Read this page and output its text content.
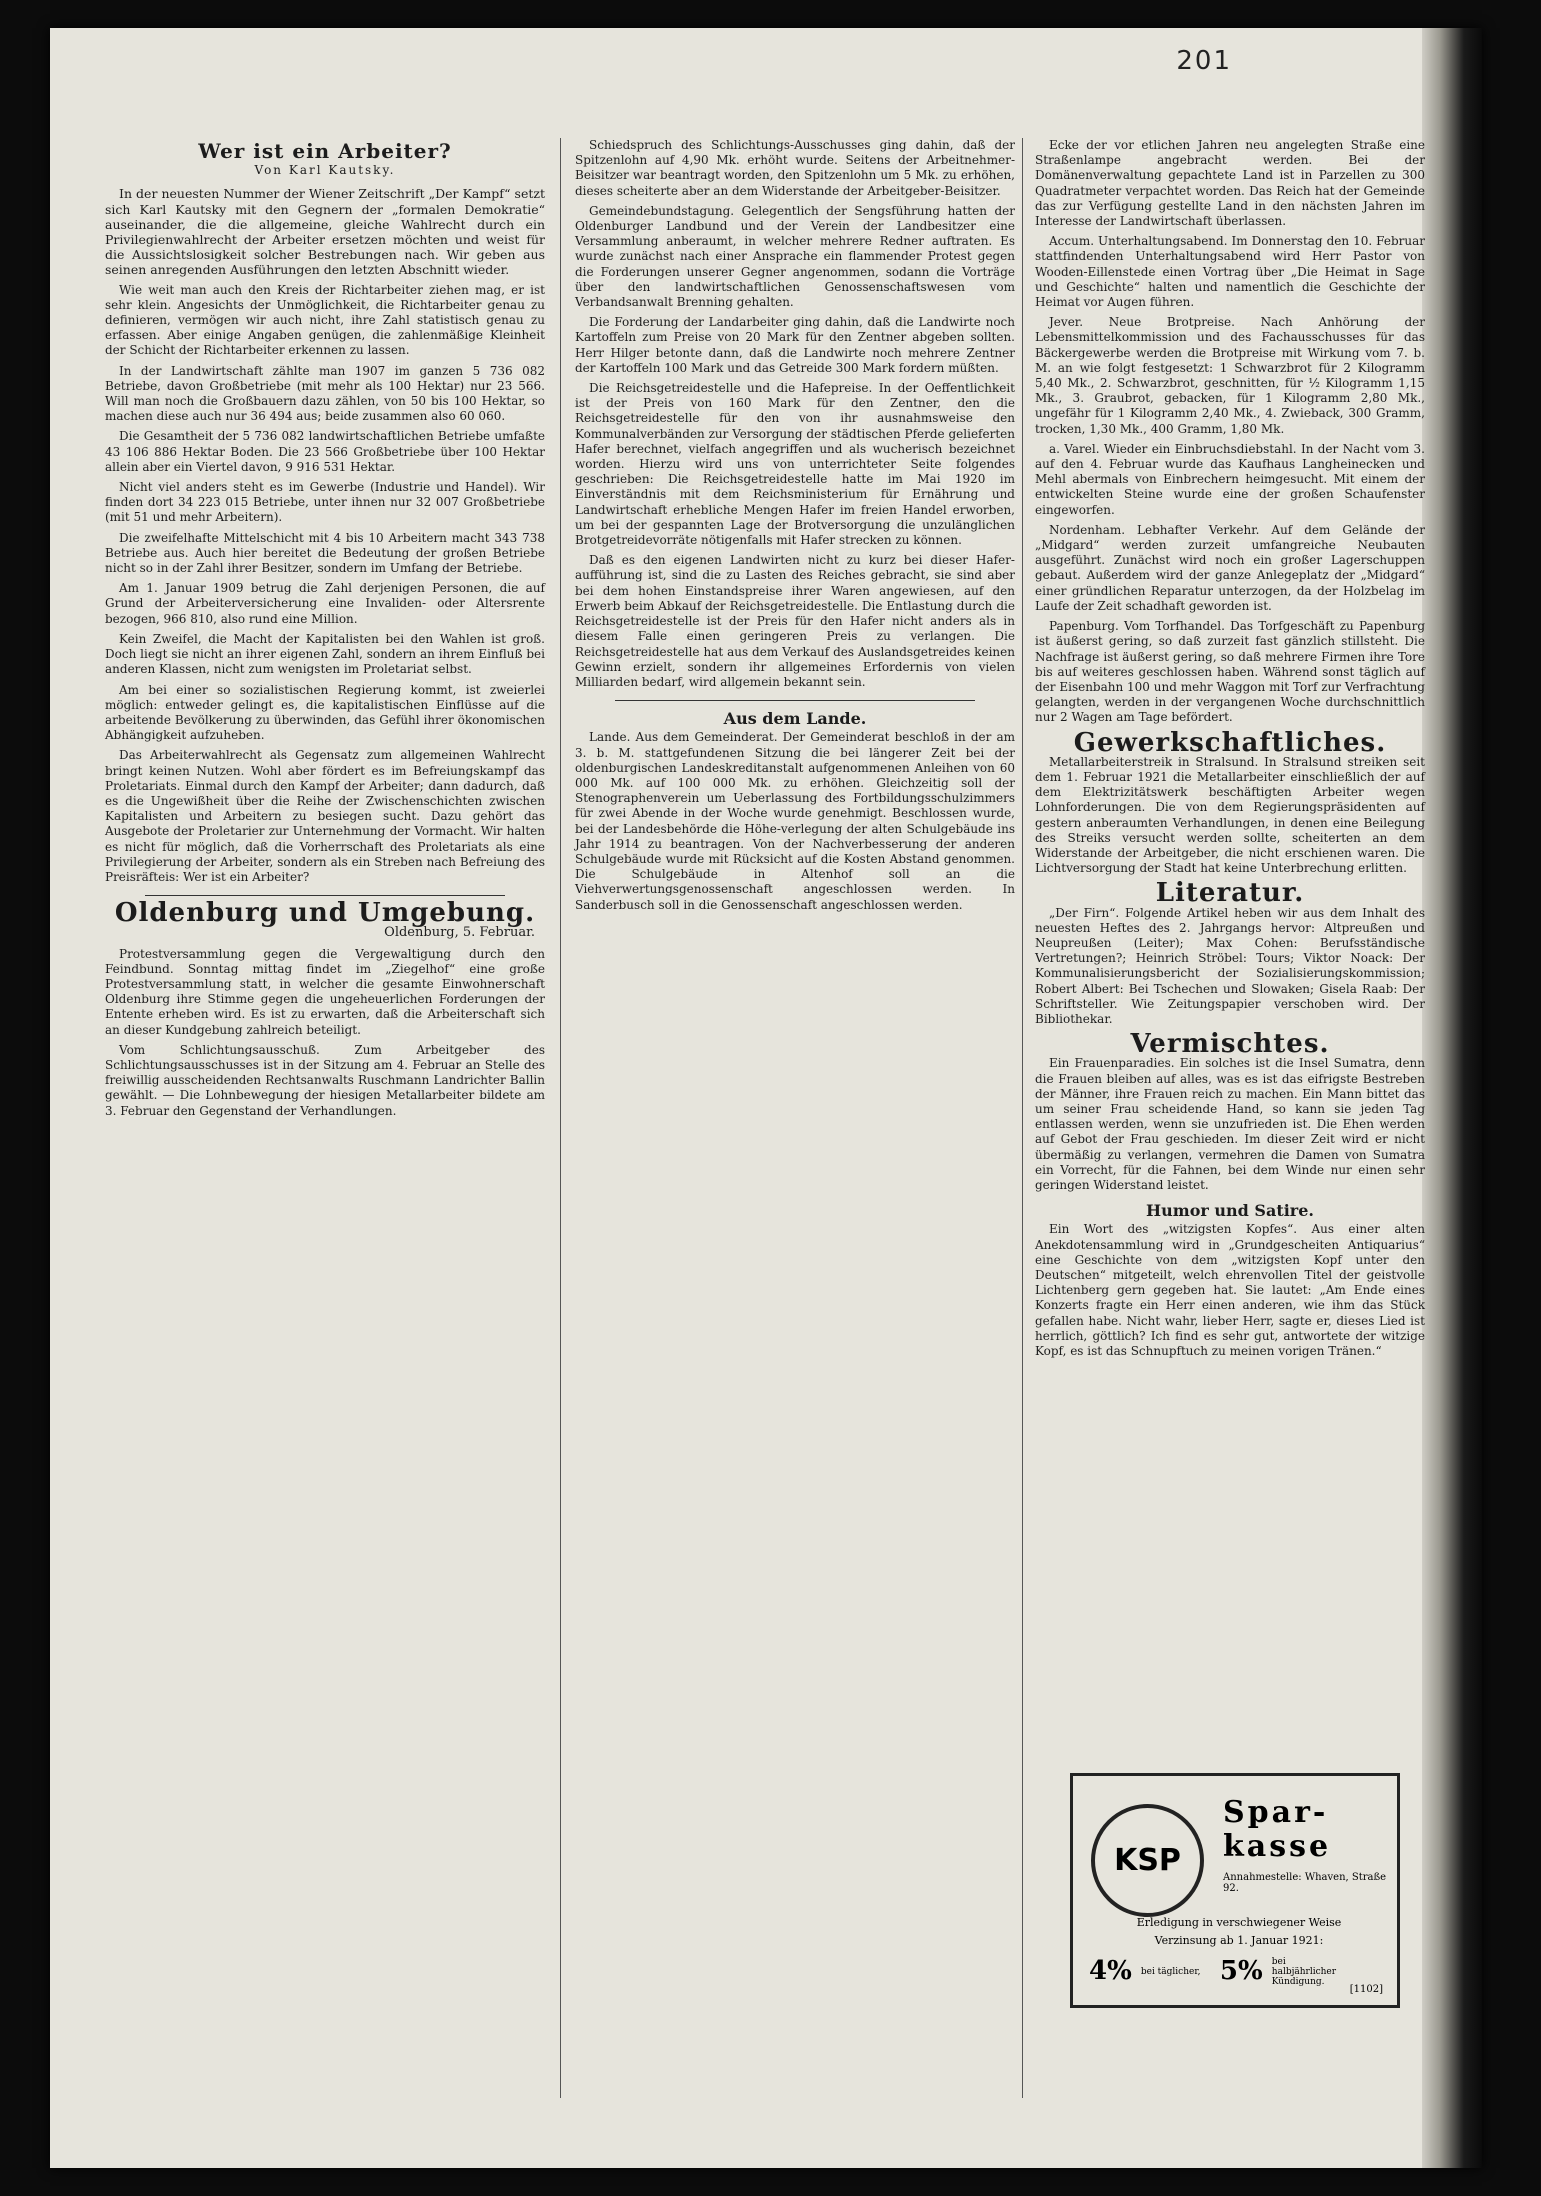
201
Wer ist ein Arbeiter?
Von Karl Kautsky.

In der neuesten Nummer der Wiener Zeitschrift „Der Kampf“ setzt sich Karl Kautsky mit den Gegnern der „formalen Demokratie“ auseinander, die die allgemeine, gleiche Wahlrecht durch ein Privilegienwahlrecht der Arbeiter ersetzen möchten und weist für die Aussichtslosigkeit solcher Bestrebungen nach. Wir geben aus seinen anregenden Ausführungen den letzten Abschnitt wieder.

Wie weit man auch den Kreis der Richtarbeiter ziehen mag, er ist sehr klein. Angesichts der Unmöglichkeit, die Richtarbeiter genau zu definieren, vermögen wir auch nicht, ihre Zahl statistisch genau zu erfassen. Aber einige Angaben genügen, die zahlenmäßige Kleinheit der Schicht der Richtarbeiter erkennen zu lassen.

In der Landwirtschaft zählte man 1907 im ganzen 5 736 082 Betriebe, davon Großbetriebe (mit mehr als 100 Hektar) nur 23 566. Will man noch die Großbauern dazu zählen, von 50 bis 100 Hektar, so machen diese auch nur 36 494 aus; beide zusammen also 60 060.

Die Gesamtheit der 5 736 082 landwirtschaftlichen Betriebe umfaßte 43 106 886 Hektar Boden. Die 23 566 Großbetriebe über 100 Hektar allein aber ein Viertel davon, 9 916 531 Hektar.

Nicht viel anders steht es im Gewerbe (Industrie und Handel). Wir finden dort 34 223 015 Betriebe, unter ihnen nur 32 007 Großbetriebe (mit 51 und mehr Arbeitern).

Die zweifelhafte Mittelschicht mit 4 bis 10 Arbeitern macht 343 738 Betriebe aus. Auch hier bereitet die Bedeutung der großen Betriebe nicht so in der Zahl ihrer Besitzer, sondern im Umfang der Betriebe.

Am 1. Januar 1909 betrug die Zahl derjenigen Personen, die auf Grund der Arbeiterversicherung eine Invaliden- oder Altersrente bezogen, 966 810, also rund eine Million.

Kein Zweifel, die Macht der Kapitalisten bei den Wahlen ist groß. Doch liegt sie nicht an ihrer eigenen Zahl, sondern an ihrem Einfluß bei anderen Klassen, nicht zum wenigsten im Proletariat selbst.

Am bei einer so sozialistischen Regierung kommt, ist zweierlei möglich: entweder gelingt es, die kapitalistischen Einflüsse auf die arbeitende Bevölkerung zu überwinden, das Gefühl ihrer ökonomischen Abhängigkeit aufzuheben.

Das Arbeiterwahlrecht als Gegensatz zum allgemeinen Wahlrecht bringt keinen Nutzen. Wohl aber fördert es im Befreiungskampf das Proletariats. Einmal durch den Kampf der Arbeiter; dann dadurch, daß es die Ungewißheit über die Reihe der Zwischenschichten zwischen Kapitalisten und Arbeitern zu besiegen sucht. Dazu gehört das Ausgebote der Proletarier zur Unternehmung der Vormacht. Wir halten es nicht für möglich, daß die Vorherrschaft des Proletariats als eine Privilegierung der Arbeiter, sondern als ein Streben nach Befreiung des Preisräfteis: Wer ist ein Arbeiter?

Oldenburg und Umgebung.
Oldenburg, 5. Februar.

Protestversammlung gegen die Vergewaltigung durch den Feindbund. Sonntag mittag findet im „Ziegelhof“ eine große Protestversammlung statt, in welcher die gesamte Einwohnerschaft Oldenburg ihre Stimme gegen die ungeheuerlichen Forderungen der Entente erheben wird. Es ist zu erwarten, daß die Arbeiterschaft sich an dieser Kundgebung zahlreich beteiligt.

Vom Schlichtungsausschuß. Zum Arbeitgeber des Schlichtungsausschusses ist in der Sitzung am 4. Februar an Stelle des freiwillig ausscheidenden Rechtsanwalts Ruschmann Landrichter Ballin gewählt. — Die Lohnbewegung der hiesigen Metallarbeiter bildete am 3. Februar den Gegenstand der Verhandlungen.

Schiedspruch des Schlichtungs-Ausschusses ging dahin, daß der Spitzenlohn auf 4,90 Mk. erhöht wurde. Seitens der Arbeitnehmer-Beisitzer war beantragt worden, den Spitzenlohn um 5 Mk. zu erhöhen, dieses scheiterte aber an dem Widerstande der Arbeitgeber-Beisitzer.

Gemeindebundstagung. Gelegentlich der Sengsführung hatten der Oldenburger Landbund und der Verein der Landbesitzer eine Versammlung anberaumt, in welcher mehrere Redner auftraten. Es wurde zunächst nach einer Ansprache ein flammender Protest gegen die Forderungen unserer Gegner angenommen, sodann die Vorträge über den landwirtschaftlichen Genossenschaftswesen vom Verbandsanwalt Brenning gehalten.

Die Forderung der Landarbeiter ging dahin, daß die Landwirte noch Kartoffeln zum Preise von 20 Mark für den Zentner abgeben sollten. Herr Hilger betonte dann, daß die Landwirte noch mehrere Zentner der Kartoffeln 100 Mark und das Getreide 300 Mark fordern müßten.

Die Reichsgetreidestelle und die Hafepreise. In der Oeffentlichkeit ist der Preis von 160 Mark für den Zentner, den die Reichsgetreidestelle für den von ihr ausnahmsweise den Kommunalverbänden zur Versorgung der städtischen Pferde gelieferten Hafer berechnet, vielfach angegriffen und als wucherisch bezeichnet worden. Hierzu wird uns von unterrichteter Seite folgendes geschrieben: Die Reichsgetreidestelle hatte im Mai 1920 im Einverständnis mit dem Reichsministerium für Ernährung und Landwirtschaft erhebliche Mengen Hafer im freien Handel erworben, um bei der gespannten Lage der Brotversorgung die unzulänglichen Brotgetreidevorräte nötigenfalls mit Hafer strecken zu können.

Daß es den eigenen Landwirten nicht zu kurz bei dieser Hafer-aufführung ist, sind die zu Lasten des Reiches gebracht, sie sind aber bei dem hohen Einstandspreise ihrer Waren angewiesen, auf den Erwerb beim Abkauf der Reichsgetreidestelle. Die Entlastung durch die Reichsgetreidestelle ist der Preis für den Hafer nicht anders als in diesem Falle einen geringeren Preis zu verlangen. Die Reichsgetreidestelle hat aus dem Verkauf des Auslandsgetreides keinen Gewinn erzielt, sondern ihr allgemeines Erfordernis von vielen Milliarden bedarf, wird allgemein bekannt sein.

Aus dem Lande.

Lande. Aus dem Gemeinderat. Der Gemeinderat beschloß in der am 3. b. M. stattgefundenen Sitzung die bei längerer Zeit bei der oldenburgischen Landeskreditanstalt aufgenommenen Anleihen von 60 000 Mk. auf 100 000 Mk. zu erhöhen. Gleichzeitig soll der Stenographenverein um Ueberlassung des Fortbildungsschulzimmers für zwei Abende in der Woche wurde genehmigt. Beschlossen wurde, bei der Landesbehörde die Höhe-verlegung der alten Schulgebäude ins Jahr 1914 zu beantragen. Von der Nachverbesserung der anderen Schulgebäude wurde mit Rücksicht auf die Kosten Abstand genommen. Die Schulgebäude in Altenhof soll an die Viehverwertungsgenossenschaft angeschlossen werden. In Sanderbusch soll in die Genossenschaft angeschlossen werden.

Ecke der vor etlichen Jahren neu angelegten Straße eine Straßenlampe angebracht werden. Bei der Domänenverwaltung gepachtete Land ist in Parzellen zu 300 Quadratmeter verpachtet worden. Das Reich hat der Gemeinde das zur Verfügung gestellte Land in den nächsten Jahren im Interesse der Landwirtschaft überlassen.

Accum. Unterhaltungsabend. Im Donnerstag den 10. Februar stattfindenden Unterhaltungsabend wird Herr Pastor von Wooden-Eillenstede einen Vortrag über „Die Heimat in Sage und Geschichte“ halten und namentlich die Geschichte der Heimat vor Augen führen.

Jever. Neue Brotpreise. Nach Anhörung der Lebensmittelkommission und des Fachausschusses für das Bäckergewerbe werden die Brotpreise mit Wirkung vom 7. b. M. an wie folgt festgesetzt: 1 Schwarzbrot für 2 Kilogramm 5,40 Mk., 2. Schwarzbrot, geschnitten, für ½ Kilogramm 1,15 Mk., 3. Graubrot, gebacken, für 1 Kilogramm 2,80 Mk., ungefähr für 1 Kilogramm 2,40 Mk., 4. Zwieback, 300 Gramm, trocken, 1,30 Mk., 400 Gramm, 1,80 Mk.

a. Varel. Wieder ein Einbruchsdiebstahl. In der Nacht vom 3. auf den 4. Februar wurde das Kaufhaus Langheinecken und Mehl abermals von Einbrechern heimgesucht. Mit einem der entwickelten Steine wurde eine der großen Schaufenster eingeworfen.

Nordenham. Lebhafter Verkehr. Auf dem Gelände der „Midgard“ werden zurzeit umfangreiche Neubauten ausgeführt. Zunächst wird noch ein großer Lagerschuppen gebaut. Außerdem wird der ganze Anlegeplatz der „Midgard“ einer gründlichen Reparatur unterzogen, da der Holzbelag im Laufe der Zeit schadhaft geworden ist.

Papenburg. Vom Torfhandel. Das Torfgeschäft zu Papenburg ist äußerst gering, so daß zurzeit fast gänzlich stillsteht. Die Nachfrage ist äußerst gering, so daß mehrere Firmen ihre Tore bis auf weiteres geschlossen haben. Während sonst täglich auf der Eisenbahn 100 und mehr Waggon mit Torf zur Verfrachtung gelangten, werden in der vergangenen Woche durchschnittlich nur 2 Wagen am Tage befördert.

Gewerkschaftliches.

Metallarbeiterstreik in Stralsund. In Stralsund streiken seit dem 1. Februar 1921 die Metallarbeiter einschließlich der auf dem Elektrizitätswerk beschäftigten Arbeiter wegen Lohnforderungen. Die von dem Regierungspräsidenten auf gestern anberaumten Verhandlungen, in denen eine Beilegung des Streiks versucht werden sollte, scheiterten an dem Widerstande der Arbeitgeber, die nicht erschienen waren. Die Lichtversorgung der Stadt hat keine Unterbrechung erlitten.

Literatur.

„Der Firn“. Folgende Artikel heben wir aus dem Inhalt des neuesten Heftes des 2. Jahrgangs hervor: Altpreußen und Neupreußen (Leiter); Max Cohen: Berufsständische Vertretungen?; Heinrich Ströbel: Tours; Viktor Noack: Der Kommunalisierungsbericht der Sozialisierungskommission; Robert Albert: Bei Tschechen und Slowaken; Gisela Raab: Der Schriftsteller. Wie Zeitungspapier verschoben wird. Der Bibliothekar.

Vermischtes.

Ein Frauenparadies. Ein solches ist die Insel Sumatra, denn die Frauen bleiben auf alles, was es ist das eifrigste Bestreben der Männer, ihre Frauen reich zu machen. Ein Mann bittet das um seiner Frau scheidende Hand, so kann sie jeden Tag entlassen werden, wenn sie unzufrieden ist. Die Ehen werden auf Gebot der Frau geschieden. Im dieser Zeit wird er nicht übermäßig zu verlangen, vermehren die Damen von Sumatra ein Vorrecht, für die Fahnen, bei dem Winde nur einen sehr geringen Widerstand leistet.

Humor und Satire.

Ein Wort des „witzigsten Kopfes“. Aus einer alten Anekdotensammlung wird in „Grundgescheiten Antiquarius“ eine Geschichte von dem „witzigsten Kopf unter den Deutschen“ mitgeteilt, welch ehrenvollen Titel der geistvolle Lichtenberg gern gegeben hat. Sie lautet: „Am Ende eines Konzerts fragte ein Herr einen anderen, wie ihm das Stück gefallen habe. Nicht wahr, lieber Herr, sagte er, dieses Lied ist herrlich, göttlich? Ich find es sehr gut, antwortete der witzige Kopf, es ist das Schnupftuch zu meinen vorigen Tränen.“

KSP
Spar-
kasse
Annahmestelle: Whaven, Straße 92.
Erledigung in verschwiegener Weise
Verzinsung ab 1. Januar 1921:
4% bei täglicher, 5% bei halbjährlicher Kündigung.
[1102]
